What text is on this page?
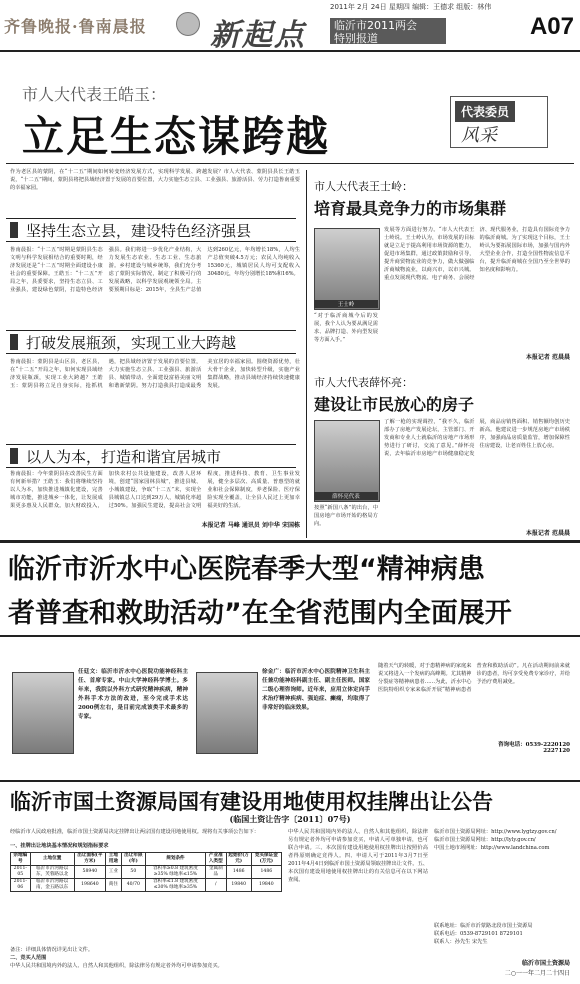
齐鲁晚报·鲁南晨报 新起点
2011年 2月 24日 星期四 编辑：王德求 组版：林伟
临沂市2011两会
特别报道	A07
市人大代表王皓玉：
立足生态谋跨越	代表委员
风采
作为老区县的蒙阴，在“十二五”期间如何转变经济发展方式，实现科学发展、跨越发展？市人大代表、蒙阴县县长王皓玉说，“十二五”期间，蒙阴县将把县域经济置于发展的首要位置，大力实施生态立县、工业强县、旅游活县、劳力打造鲁南重要的幸福家园。
坚持生态立县，建设特色经济强县
鲁南晨报：“十二五”时期是蒙阴县生态文明与科学发展相结合的重要时期，经济发展还是“十二五”时期全面建设小康社会的重要保障。王皓玉：“十二五”开局之年，县委要求，坚持生态立县、工业强县，建设绿色蒙阴，打造特色经济强县。我们将进一步优化产业结构，大力发展生态农业、生态工业、生态旅游。乡村建设与城乡统筹，我们充分考虑了蒙阴实际情况，制定了积极可行的发展战略，以科学发展观统领全局。主要预期目标是：2015年，全县生产总值达到260亿元，年均增长18%，人均生产总值突破4.5万元；农民人均纯收入15360元，城镇居民人均可支配收入30480元，年均分别增长18%和16%。
打破发展瓶颈，实现工业大跨越
鲁南晨报：蒙阴县是山区县，老区县，在“十二五”开局之年，如何实现县域经济发展瓶颈，实现工业大跨越？王皓玉：蒙阴县将立足自身实际，抢抓机遇，把县域经济置于发展的首要位置，大力实施生态立县、工业强县、旅游活县、城镇带动、全面建设富裕美丽文明和谐新蒙阴。努力打造我县打造成最秀美宜居的幸福家园。围绕资源优势，壮大骨干企业，加快转型升级，实施产业集群战略，推动县域经济持续快速健康发展。
以人为本，打造和谐宜居城市
鲁南晨报：今年蒙阴县在改善民生方面有何新举措？王皓玉：我们将继续坚持以人为本，加快推进城镇化建设，完善城市功能，推进城乡一体化，让发展成果更多惠及人民群众。加大财政投入，加快农村公共设施建设，改善人居环境，创建“国家园林县城”，推进县城、小城镇建设，争取“十二五”末，实现全县城镇总人口达到29万人，城镇化率超过50%。加强民生建设，提高社会文明程度，推进科技、教育、卫生事业发展，健全多层次、高质量、普惠型的就业和社会保障制度，养老保险、医疗保险实现全覆盖，让全县人民过上更加幸福美好的生活。
本报记者 马峰 通讯员 刘中华 宋国栋
市人大代表王士岭：
培育最具竞争力的市场集群
王士岭
“对于临沂商城今后的发展，我个人认为要从满足需求、品牌打造、外向型发展等方面入手。”
发展等方面进行努力。“市人大代表王士岭说。王士岭认为，市场发展的目标就是立足于提高利用市场资源的能力，促进市场集群，通过政策鼓励和引导，提升商贸物流业的竞争力，做大做强临沂商城物流业，以商兴市，以市兴城。重点发展现代物流、电子商务、会展经济、现代服务业，打造具有国际竞争力的临沂商城。为了实现这个目标，王士岭认为要拓展国际市场，加强与国内外大型企业合作，打造全国性物流信息平台，提升临沂商城在全国乃至全世界的知名度和影响力。
本报记者 范晨晨
市人大代表薛怀亮：
建设让市民放心的房子
薛怀亮代表
按照“新国八条”的出台，中国房地产市场开始的格局方向。
了解一枪的实现调控，“我不久，临沂部办了房地产发展论坛，主管部门、开发商和专业人士就临沂的房地产市场形势进行了研讨，交流了意见。”薛怀亮说，去年临沂市房地产市场健康稳定发展，商品房销售面积、销售额均创历史新高。他建议进一步规范房地产市场秩序，加强商品房质量监管，增加保障性住房建设，让老百姓住上放心房。
本报记者 范晨晨
临沂市沂水中心医院春季大型“精神病患
者普查和救助活动”在全省范围内全面展开
任廷文：临沂市沂水中心医院功能神经科主任、首席专家。中山大学神经科学博士。多年来，我院以外科方式研究精神疾病，精神外科手术方法的改进，至今完成手术达2000例左右，是目前完成该类手术最多的专家。
徐金广：临沂市沂水中心医院精神卫生科主任兼功能神经科副主任、副主任医师。国家二级心理咨询师。近年来，应用立体定向手术治疗精神疾病、强迫症、癫痫，均取得了非常好的临床效果。
随着天气的转暖，对于患精神病的家庭来说又将进入一个发病的高峰期。尤其精神分裂症等精神病患者……为此，沂水中心医院特组织专家来临沂开展“精神病患者普查和救助活动”。凡在活动期间前来就诊的患者，均可享受免费专家诊疗，并给予治疗费用减免。
咨询电话：0539-2220120 2227120
临沂市国土资源局国有建设用地使用权挂牌出让公告
(临国土资让告字〔2011〕07号)
经临沂市人民政府批准，临沂市国土资源局决定挂牌出让两宗国有建设用地使用权。现将有关事项公告如下：
一、挂牌出让地块基本情况和规划指标要求
宗地编号	土地位置	出让面积(平方米)	土地用途	出让年限(年)	规划条件	产业准入类型	起始价(万元)	竞买保证金(万元)
2011-05	临沂市沂河路以东，芙蓉路以北	58940	工业	50	容积率≥0.8 建筑密度≥35% 绿地率≤15%	金属制品	1486	1486
2011-06	临沂市沂河路以南，金五路以东	198640	商住	40/70	容积率≤1.8 建筑密度≤30% 绿地率≥35%	/	19840	19840
备注：详细具体情况详见出让文件。
二、竞买人范围
中华人民共和国境内外的法人、自然人和其他组织，除法律另有规定者外均可申请参加竞买。
中华人民共和国境内外的法人、自然人和其他组织，除法律另有规定者外均可申请参加竞买，申请人可单独申请，也可联合申请。三、本次国有建设用地使用权挂牌出让按照价高者得原则确定竞得人。四、申请人可于2011年3月7日至2011年4月4日到临沂市国土资源局领取挂牌出让文件。五、本次国有建设用地使用权挂牌出让的有关信息可在以下网站查阅。
临沂市国土资源局网址：http://www.lygtzy.gov.cn/
临沂市国土资源局网址：http://lyly.gov.cn/
中国土地市场网址：http://www.landchina.com
联系地址：临沂市沂蒙路北段市国土资源局
联系电话：0539-8729101 8729101
联系人：孙先生 宋先生
临沂市国土资源局
二○一一年二月二十四日
